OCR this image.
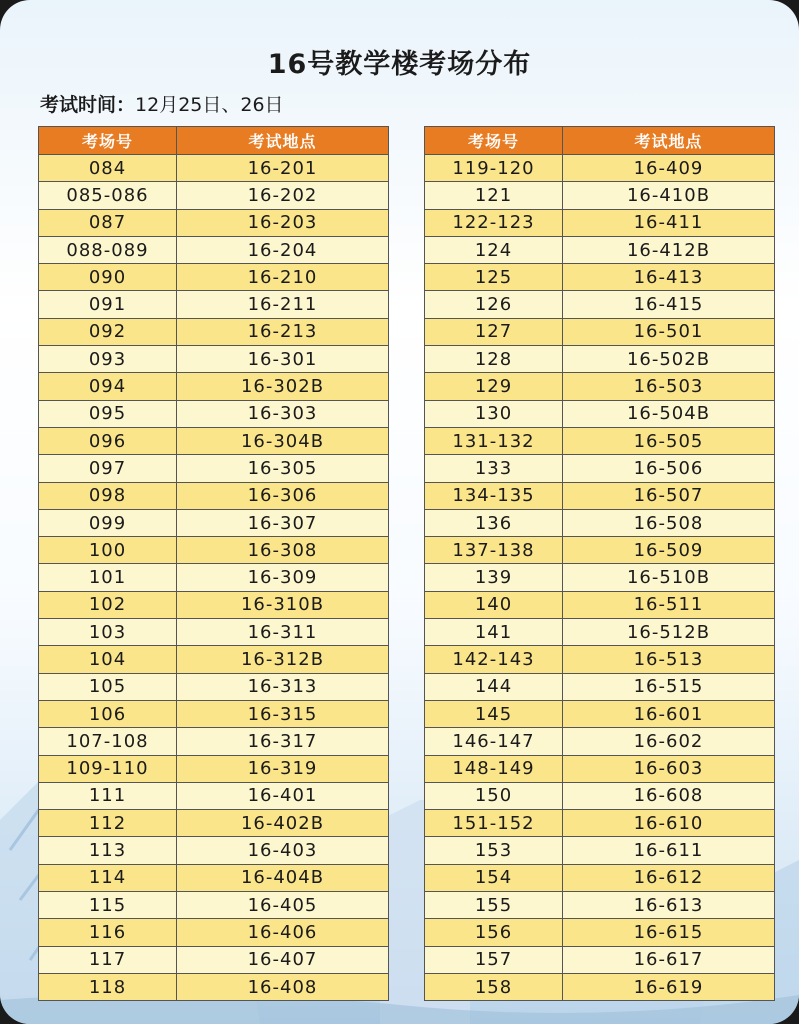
16号教学楼考场分布
考试时间：12月25日、26日
考场号	考试地点
084	16-201
085-086	16-202
087	16-203
088-089	16-204
090	16-210
091	16-211
092	16-213
093	16-301
094	16-302B
095	16-303
096	16-304B
097	16-305
098	16-306
099	16-307
100	16-308
101	16-309
102	16-310B
103	16-311
104	16-312B
105	16-313
106	16-315
107-108	16-317
109-110	16-319
111	16-401
112	16-402B
113	16-403
114	16-404B
115	16-405
116	16-406
117	16-407
118	16-408
考场号	考试地点
119-120	16-409
121	16-410B
122-123	16-411
124	16-412B
125	16-413
126	16-415
127	16-501
128	16-502B
129	16-503
130	16-504B
131-132	16-505
133	16-506
134-135	16-507
136	16-508
137-138	16-509
139	16-510B
140	16-511
141	16-512B
142-143	16-513
144	16-515
145	16-601
146-147	16-602
148-149	16-603
150	16-608
151-152	16-610
153	16-611
154	16-612
155	16-613
156	16-615
157	16-617
158	16-619
